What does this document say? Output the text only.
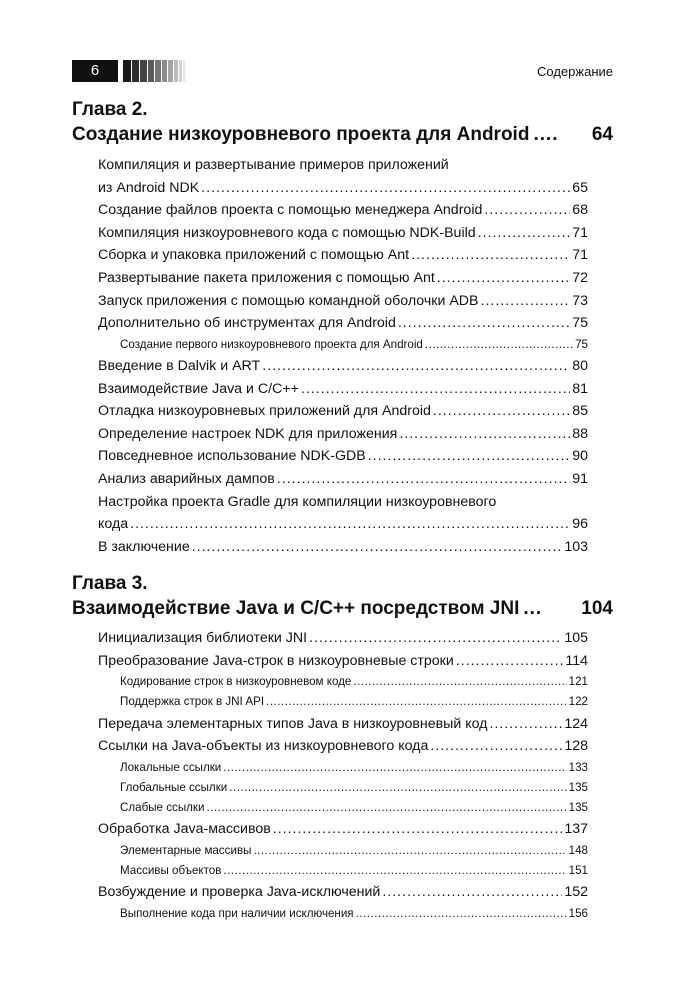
6	Содержание
Глава 2.
Создание низкоуровневого проекта для Android ....	64
Компиляция и развертывание примеров приложений
из Android NDK .....	65
Создание файлов проекта с помощью менеджера Android .....	68
Компиляция низкоуровневого кода с помощью NDK-Build .....	71
Сборка и упаковка приложений с помощью Ant .....	71
Развертывание пакета приложения с помощью Ant .....	72
Запуск приложения с помощью командной оболочки ADB .....	73
Дополнительно об инструментах для Android .....	75
Создание первого низкоуровневого проекта для Android .....	75
Введение в Dalvik и ART .....	80
Взаимодействие Java и C/C++ .....	81
Отладка низкоуровневых приложений для Android .....	85
Определение настроек NDK для приложения .....	88
Повседневное использование NDK-GDB .....	90
Анализ аварийных дампов .....	91
Настройка проекта Gradle для компиляции низкоуровневого
кода .....	96
В заключение .....	103
Глава 3.
Взаимодействие Java и C/C++ посредством JNI ...	104
Инициализация библиотеки JNI .....	105
Преобразование Java-строк в низкоуровневые строки .....	114
Кодирование строк в низкоуровневом коде .....	121
Поддержка строк в JNI API .....	122
Передача элементарных типов Java в низкоуровневый код .....	124
Ссылки на Java-объекты из низкоуровневого кода .....	128
Локальные ссылки .....	133
Глобальные ссылки .....	135
Слабые ссылки .....	135
Обработка Java-массивов .....	137
Элементарные массивы .....	148
Массивы объектов .....	151
Возбуждение и проверка Java-исключений .....	152
Выполнение кода при наличии исключения .....	156
